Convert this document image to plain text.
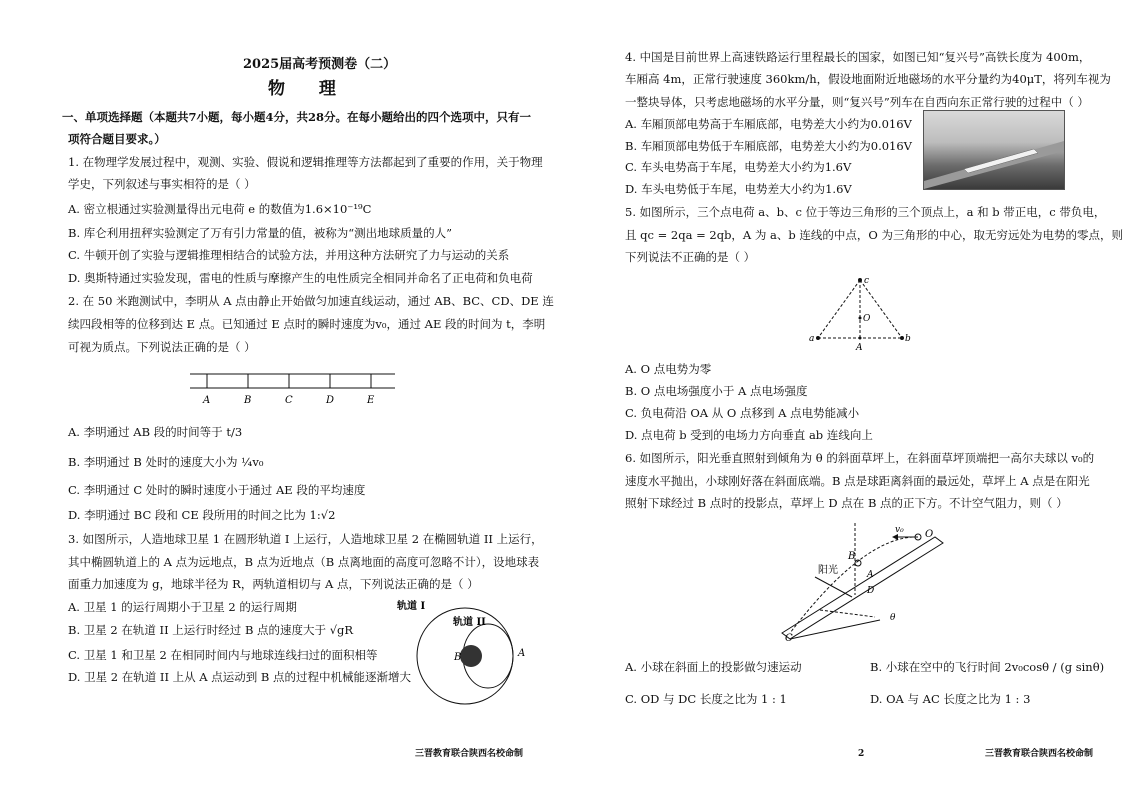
2025届高考预测卷（二）
物 理
一、单项选择题（本题共7小题，每小题4分，共28分。在每小题给出的四个选项中，只有一
项符合题目要求。）
1. 在物理学发展过程中，观测、实验、假说和逻辑推理等方法都起到了重要的作用，关于物理
学史，下列叙述与事实相符的是（ ）
A. 密立根通过实验测量得出元电荷 e 的数值为1.6×10⁻¹⁹C
B. 库仑利用扭秤实验测定了万有引力常量的值，被称为“测出地球质量的人”
C. 牛顿开创了实验与逻辑推理相结合的试验方法，并用这种方法研究了力与运动的关系
D. 奥斯特通过实验发现，雷电的性质与摩擦产生的电性质完全相同并命名了正电荷和负电荷
2. 在 50 米跑测试中，李明从 A 点由静止开始做匀加速直线运动，通过 AB、BC、CD、DE 连
续四段相等的位移到达 E 点。已知通过 E 点时的瞬时速度为v₀，通过 AE 段的时间为 t，李明
可视为质点。下列说法正确的是（ ）
A	B	C	D	E
A. 李明通过 AB 段的时间等于 t/3
B. 李明通过 B 处时的速度大小为 ¼v₀
C. 李明通过 C 处时的瞬时速度小于通过 AE 段的平均速度
D. 李明通过 BC 段和 CE 段所用的时间之比为 1:√2
3. 如图所示，人造地球卫星 1 在圆形轨道 I 上运行，人造地球卫星 2 在椭圆轨道 II 上运行，
其中椭圆轨道上的 A 点为远地点，B 点为近地点（B 点离地面的高度可忽略不计），设地球表
面重力加速度为 g，地球半径为 R，两轨道相切与 A 点，下列说法正确的是（ ）
A. 卫星 1 的运行周期小于卫星 2 的运行周期
B. 卫星 2 在轨道 II 上运行时经过 B 点的速度大于 √gR
C. 卫星 1 和卫星 2 在相同时间内与地球连线扫过的面积相等
D. 卫星 2 在轨道 II 上从 A 点运动到 B 点的过程中机械能逐渐增大
轨道 I
轨道 II
B	A
4. 中国是目前世界上高速铁路运行里程最长的国家，如图已知“复兴号”高铁长度为 400m，
车厢高 4m，正常行驶速度 360km/h，假设地面附近地磁场的水平分量约为40μT，将列车视为
一整块导体，只考虑地磁场的水平分量，则“复兴号”列车在自西向东正常行驶的过程中（ ）
A. 车厢顶部电势高于车厢底部，电势差大小约为0.016V
B. 车厢顶部电势低于车厢底部，电势差大小约为0.016V
C. 车头电势高于车尾，电势差大小约为1.6V
D. 车头电势低于车尾，电势差大小约为1.6V
5. 如图所示，三个点电荷 a、b、c 位于等边三角形的三个顶点上，a 和 b 带正电，c 带负电，
且 qc = 2qa = 2qb，A 为 a、b 连线的中点，O 为三角形的中心，取无穷远处为电势的零点，则
下列说法不正确的是（ ）
c
a	b
O
A
A. O 点电势为零
B. O 点电场强度小于 A 点电场强度
C. 负电荷沿 OA 从 O 点移到 A 点电势能减小
D. 点电荷 b 受到的电场力方向垂直 ab 连线向上
6. 如图所示，阳光垂直照射到倾角为 θ 的斜面草坪上，在斜面草坪顶端把一高尔夫球以 v₀的
速度水平抛出，小球刚好落在斜面底端。B 点是球距离斜面的最远处，草坪上 A 点是在阳光
照射下球经过 B 点时的投影点，草坪上 D 点在 B 点的正下方。不计空气阻力，则（ ）
O
v₀
B
A
D
C
θ
阳光
A. 小球在斜面上的投影做匀速运动	B. 小球在空中的飞行时间 2v₀cosθ / (g sinθ)
C. OD 与 DC 长度之比为 1 : 1	D. OA 与 AC 长度之比为 1 : 3
三晋教育联合陕西名校命制	2	三晋教育联合陕西名校命制
